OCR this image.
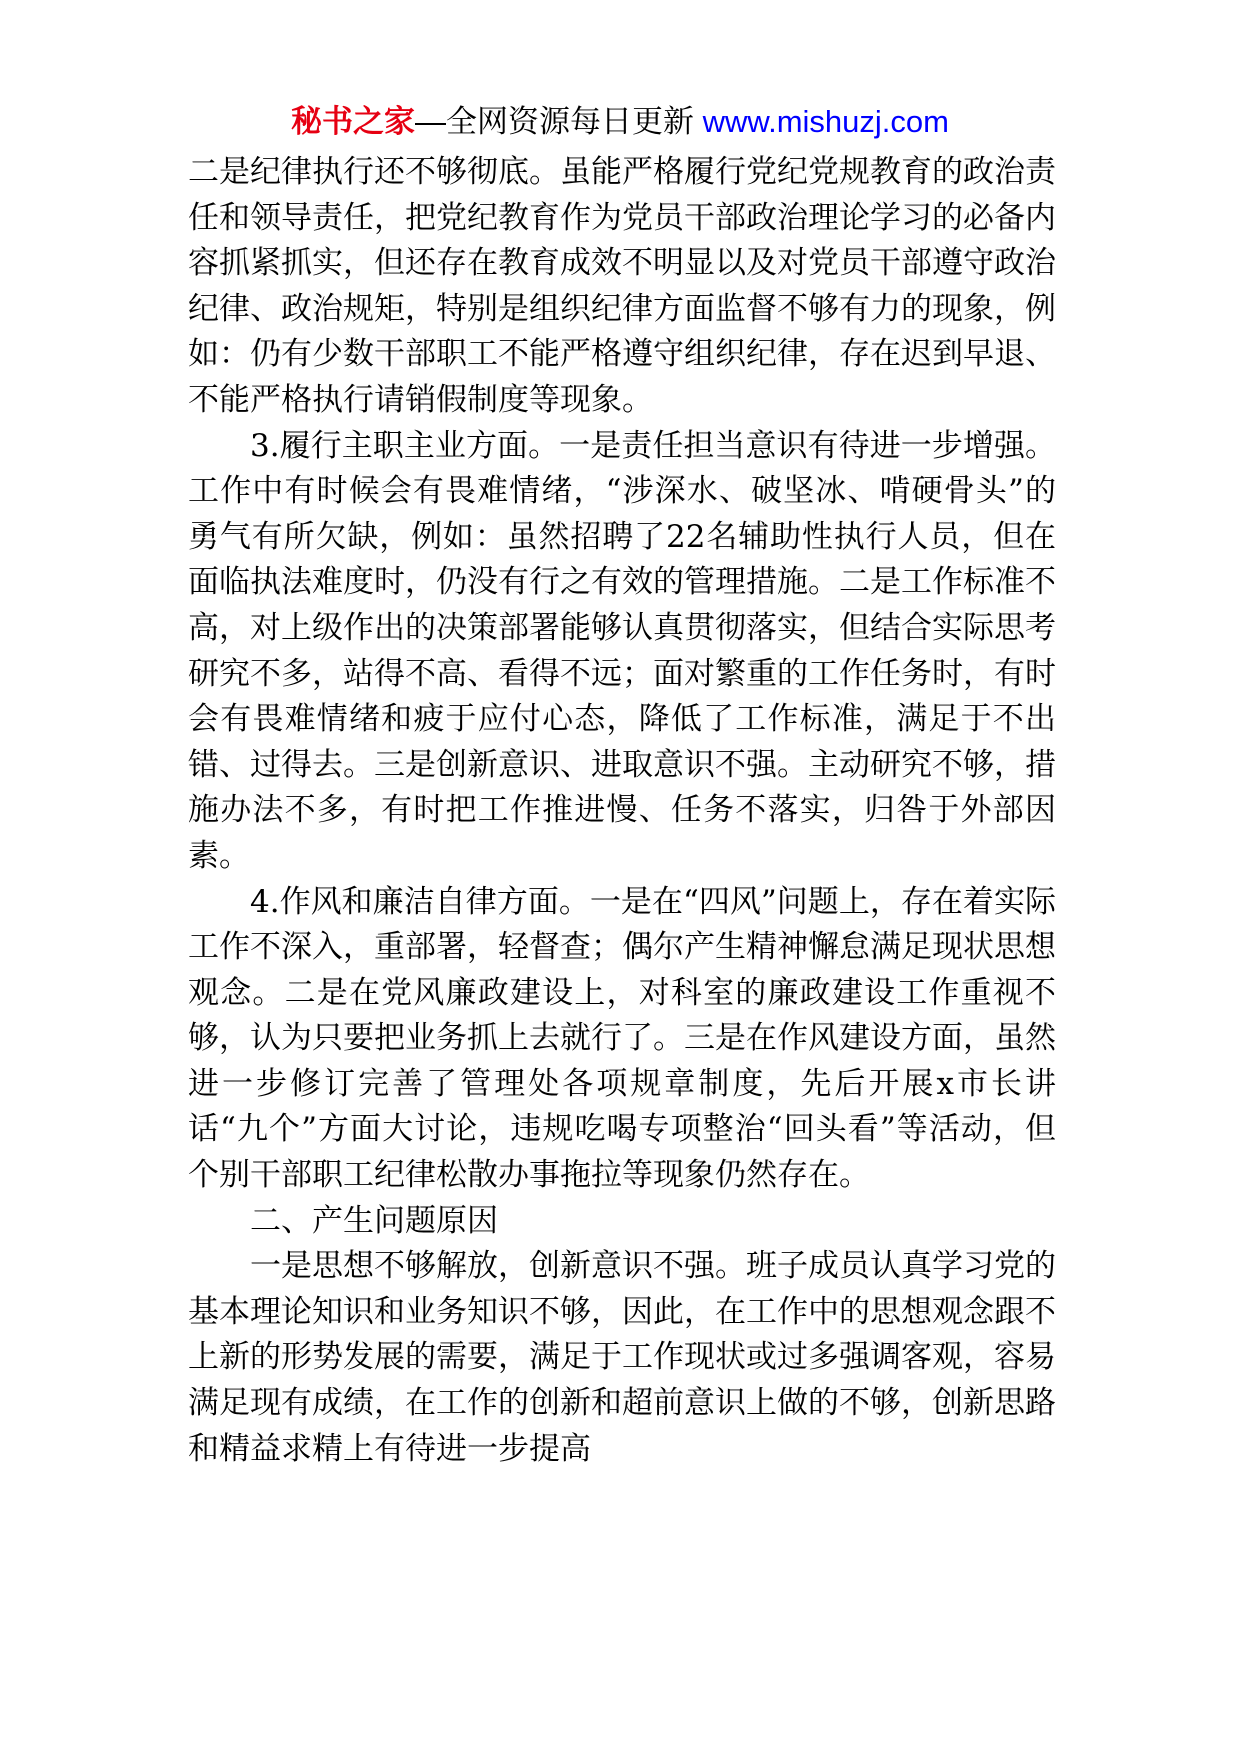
秘书之家—全网资源每日更新 www.mishuzj.com

二是纪律执行还不够彻底。虽能严格履行党纪党规教育的政治责任和领导责任，把党纪教育作为党员干部政治理论学习的必备内容抓紧抓实，但还存在教育成效不明显以及对党员干部遵守政治纪律、政治规矩，特别是组织纪律方面监督不够有力的现象，例如：仍有少数干部职工不能严格遵守组织纪律，存在迟到早退、不能严格执行请销假制度等现象。

3.履行主职主业方面。一是责任担当意识有待进一步增强。工作中有时候会有畏难情绪，“涉深水、破坚冰、啃硬骨头”的勇气有所欠缺，例如：虽然招聘了22名辅助性执行人员，但在面临执法难度时，仍没有行之有效的管理措施。二是工作标准不高，对上级作出的决策部署能够认真贯彻落实，但结合实际思考研究不多，站得不高、看得不远；面对繁重的工作任务时，有时会有畏难情绪和疲于应付心态，降低了工作标准，满足于不出错、过得去。三是创新意识、进取意识不强。主动研究不够，措施办法不多，有时把工作推进慢、任务不落实，归咎于外部因素。

4.作风和廉洁自律方面。一是在“四风”问题上，存在着实际工作不深入，重部署，轻督查；偶尔产生精神懈怠满足现状思想观念。二是在党风廉政建设上，对科室的廉政建设工作重视不够，认为只要把业务抓上去就行了。三是在作风建设方面，虽然进一步修订完善了管理处各项规章制度，先后开展x市长讲话“九个”方面大讨论，违规吃喝专项整治“回头看”等活动，但个别干部职工纪律松散办事拖拉等现象仍然存在。

二、产生问题原因

一是思想不够解放，创新意识不强。班子成员认真学习党的基本理论知识和业务知识不够，因此，在工作中的思想观念跟不上新的形势发展的需要，满足于工作现状或过多强调客观，容易满足现有成绩，在工作的创新和超前意识上做的不够，创新思路和精益求精上有待进一步提高
